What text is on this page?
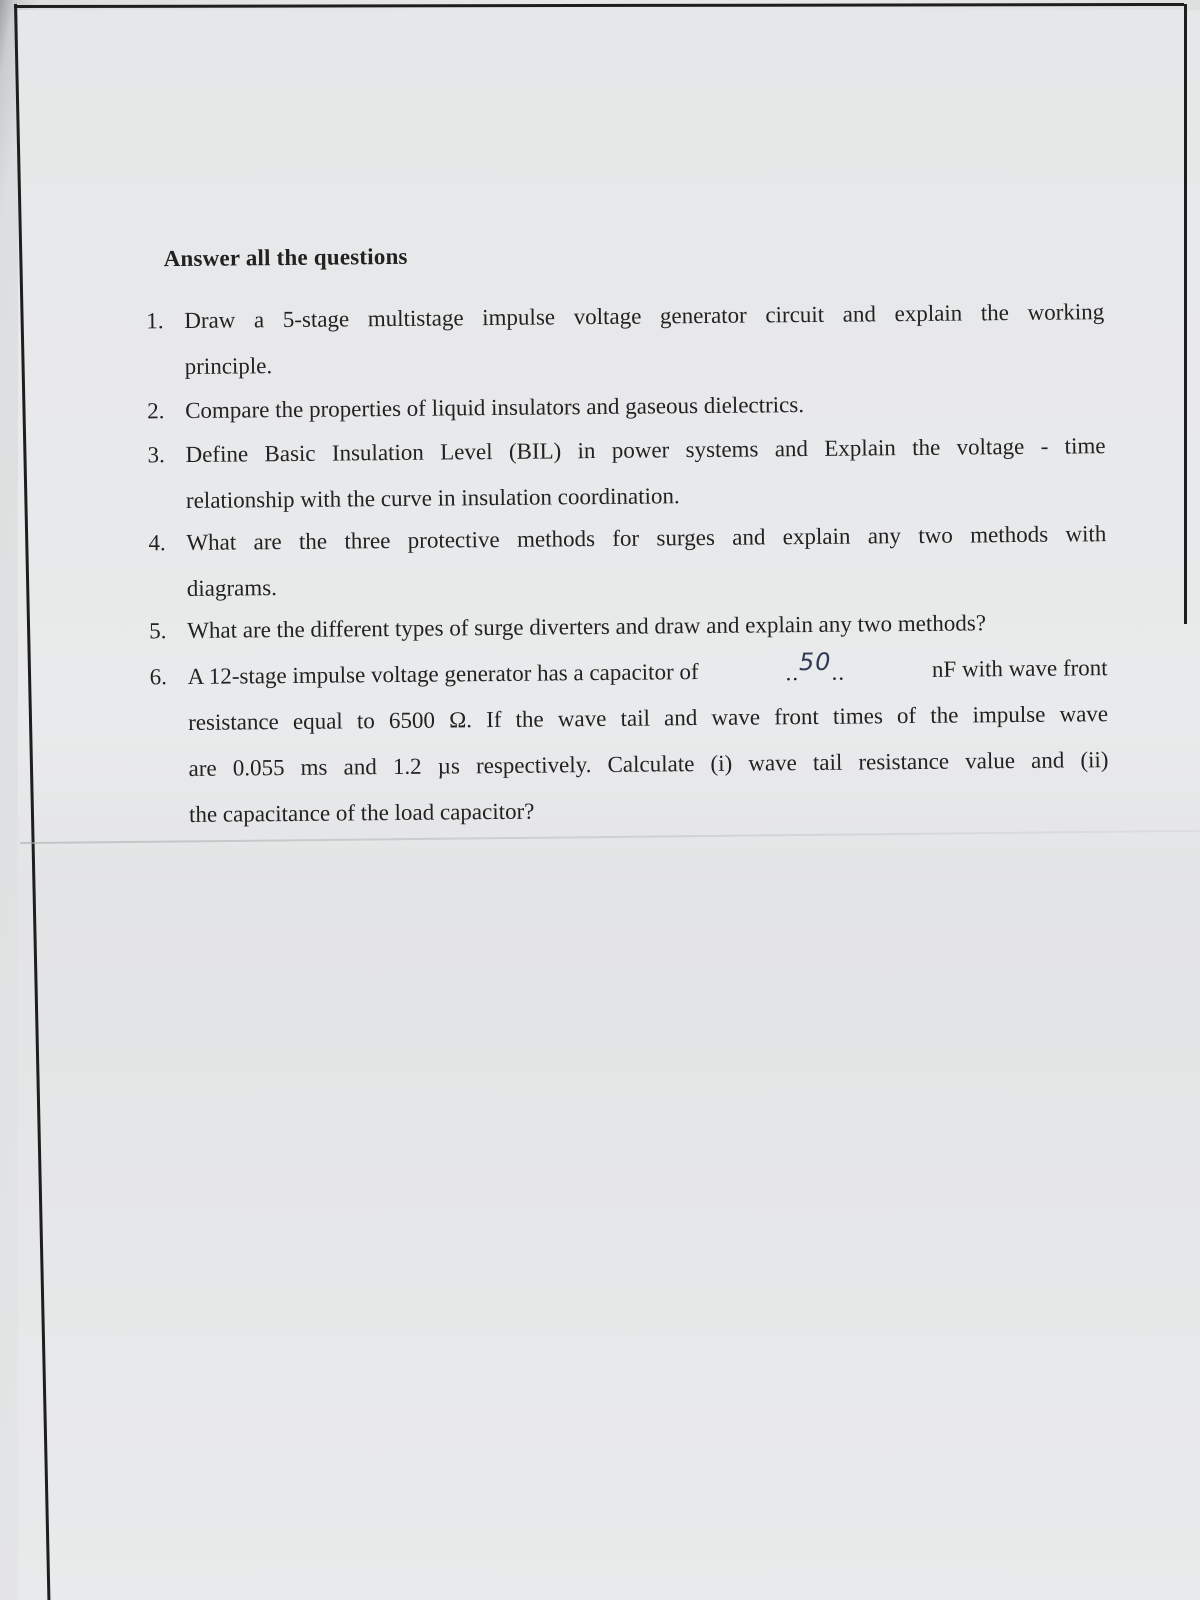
Answer all the questions
1. Draw a 5-stage multistage impulse voltage generator circuit and explain the working
principle.
2. Compare the properties of liquid insulators and gaseous dielectrics.
3. Define Basic Insulation Level (BIL) in power systems and Explain the voltage - time
relationship with the curve in insulation coordination.
4. What are the three protective methods for surges and explain any two methods with
diagrams.
5. What are the different types of surge diverters and draw and explain any two methods?
6. A 12-stage impulse voltage generator has a capacitor of	..50..	nF with wave front
resistance equal to 6500 Ω. If the wave tail and wave front times of the impulse wave
are 0.055 ms and 1.2 µs respectively. Calculate (i) wave tail resistance value and (ii)
the capacitance of the load capacitor?
